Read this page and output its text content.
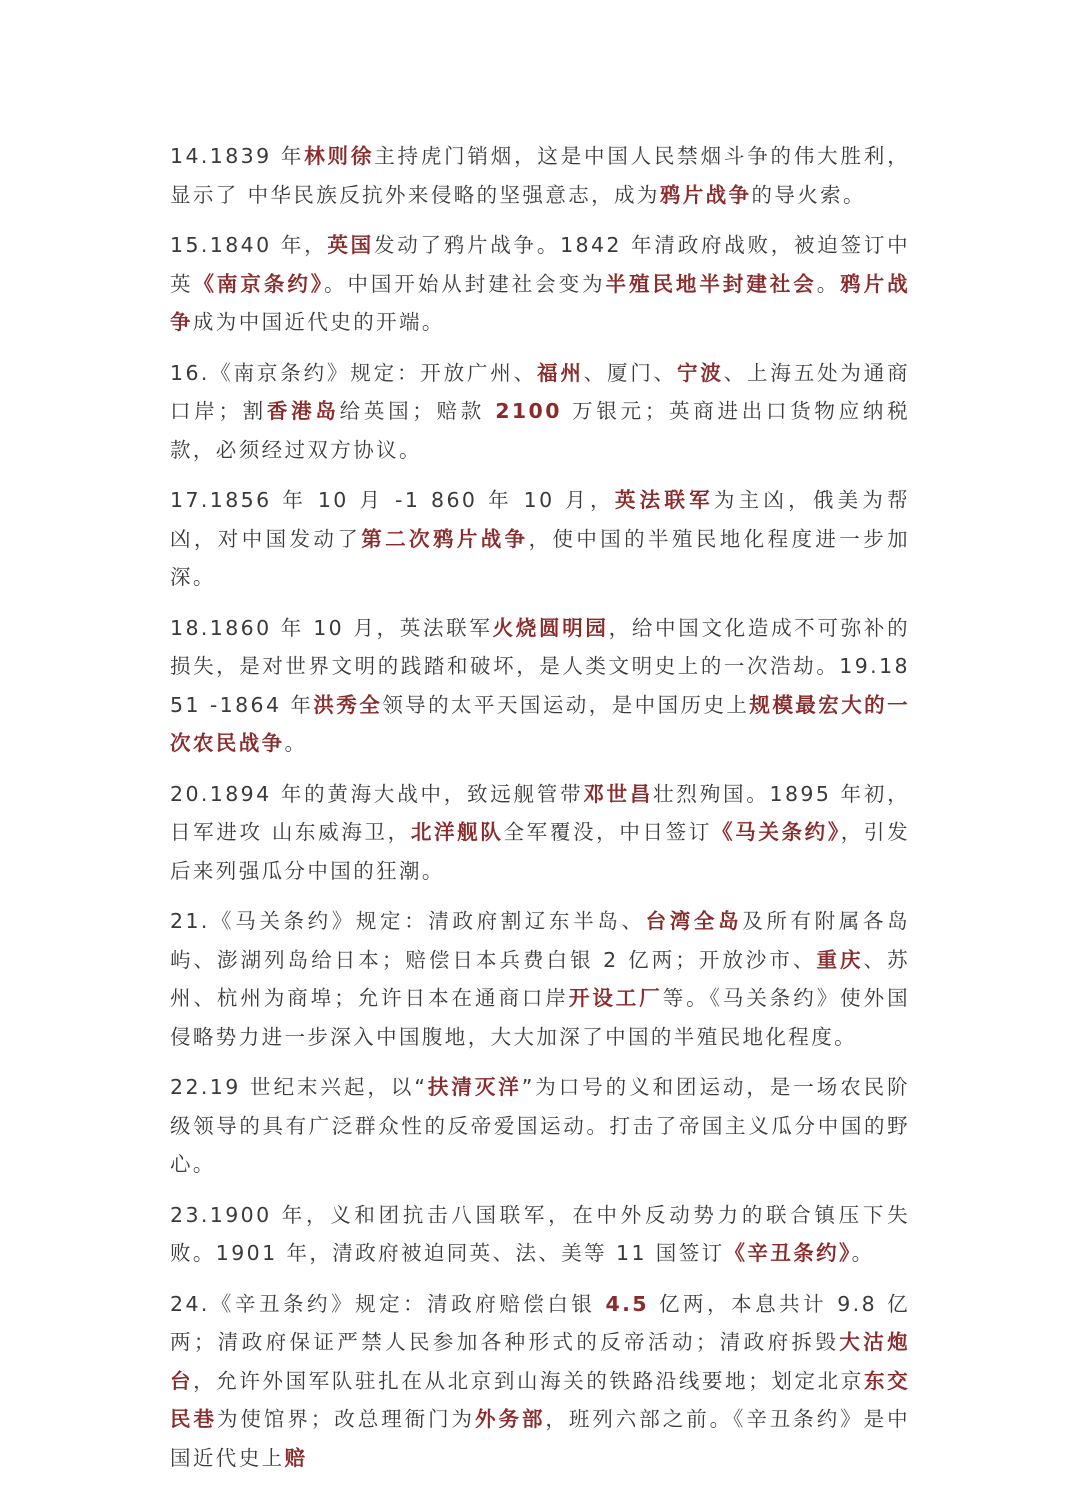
14.1839 年林则徐主持虎门销烟，这是中国人民禁烟斗争的伟大胜利，显示了 中华民族反抗外来侵略的坚强意志，成为鸦片战争的导火索。

15.1840 年，英国发动了鸦片战争。1842 年清政府战败，被迫签订中英《南京条约》。中国开始从封建社会变为半殖民地半封建社会。鸦片战争成为中国近代史的开端。

16.《南京条约》规定：开放广州、福州、厦门、宁波、上海五处为通商口岸；割香港岛给英国；赔款 2100 万银元；英商进出口货物应纳税款，必须经过双方协议。

17.1856 年 10 月 -1 860 年 10 月，英法联军为主凶，俄美为帮凶，对中国发动了第二次鸦片战争，使中国的半殖民地化程度进一步加深。

18.1860 年 10 月，英法联军火烧圆明园，给中国文化造成不可弥补的损失，是对世界文明的践踏和破坏，是人类文明史上的一次浩劫。19.1851 -1864 年洪秀全领导的太平天国运动，是中国历史上规模最宏大的一次农民战争。

20.1894 年的黄海大战中，致远舰管带邓世昌壮烈殉国。1895 年初，日军进攻 山东威海卫，北洋舰队全军覆没，中日签订《马关条约》，引发后来列强瓜分中国的狂潮。

21.《马关条约》规定：清政府割辽东半岛、台湾全岛及所有附属各岛屿、澎湖列岛给日本；赔偿日本兵费白银 2 亿两；开放沙市、重庆、苏州、杭州为商埠；允许日本在通商口岸开设工厂等。《马关条约》使外国侵略势力进一步深入中国腹地，大大加深了中国的半殖民地化程度。

22.19 世纪末兴起，以“扶清灭洋”为口号的义和团运动，是一场农民阶级领导的具有广泛群众性的反帝爱国运动。打击了帝国主义瓜分中国的野心。

23.1900 年，义和团抗击八国联军，在中外反动势力的联合镇压下失败。1901 年，清政府被迫同英、法、美等 11 国签订《辛丑条约》。

24.《辛丑条约》规定：清政府赔偿白银 4.5 亿两，本息共计 9.8 亿两；清政府保证严禁人民参加各种形式的反帝活动；清政府拆毁大沽炮台，允许外国军队驻扎在从北京到山海关的铁路沿线要地；划定北京东交民巷为使馆界；改总理衙门为外务部，班列六部之前。《辛丑条约》是中国近代史上赔
